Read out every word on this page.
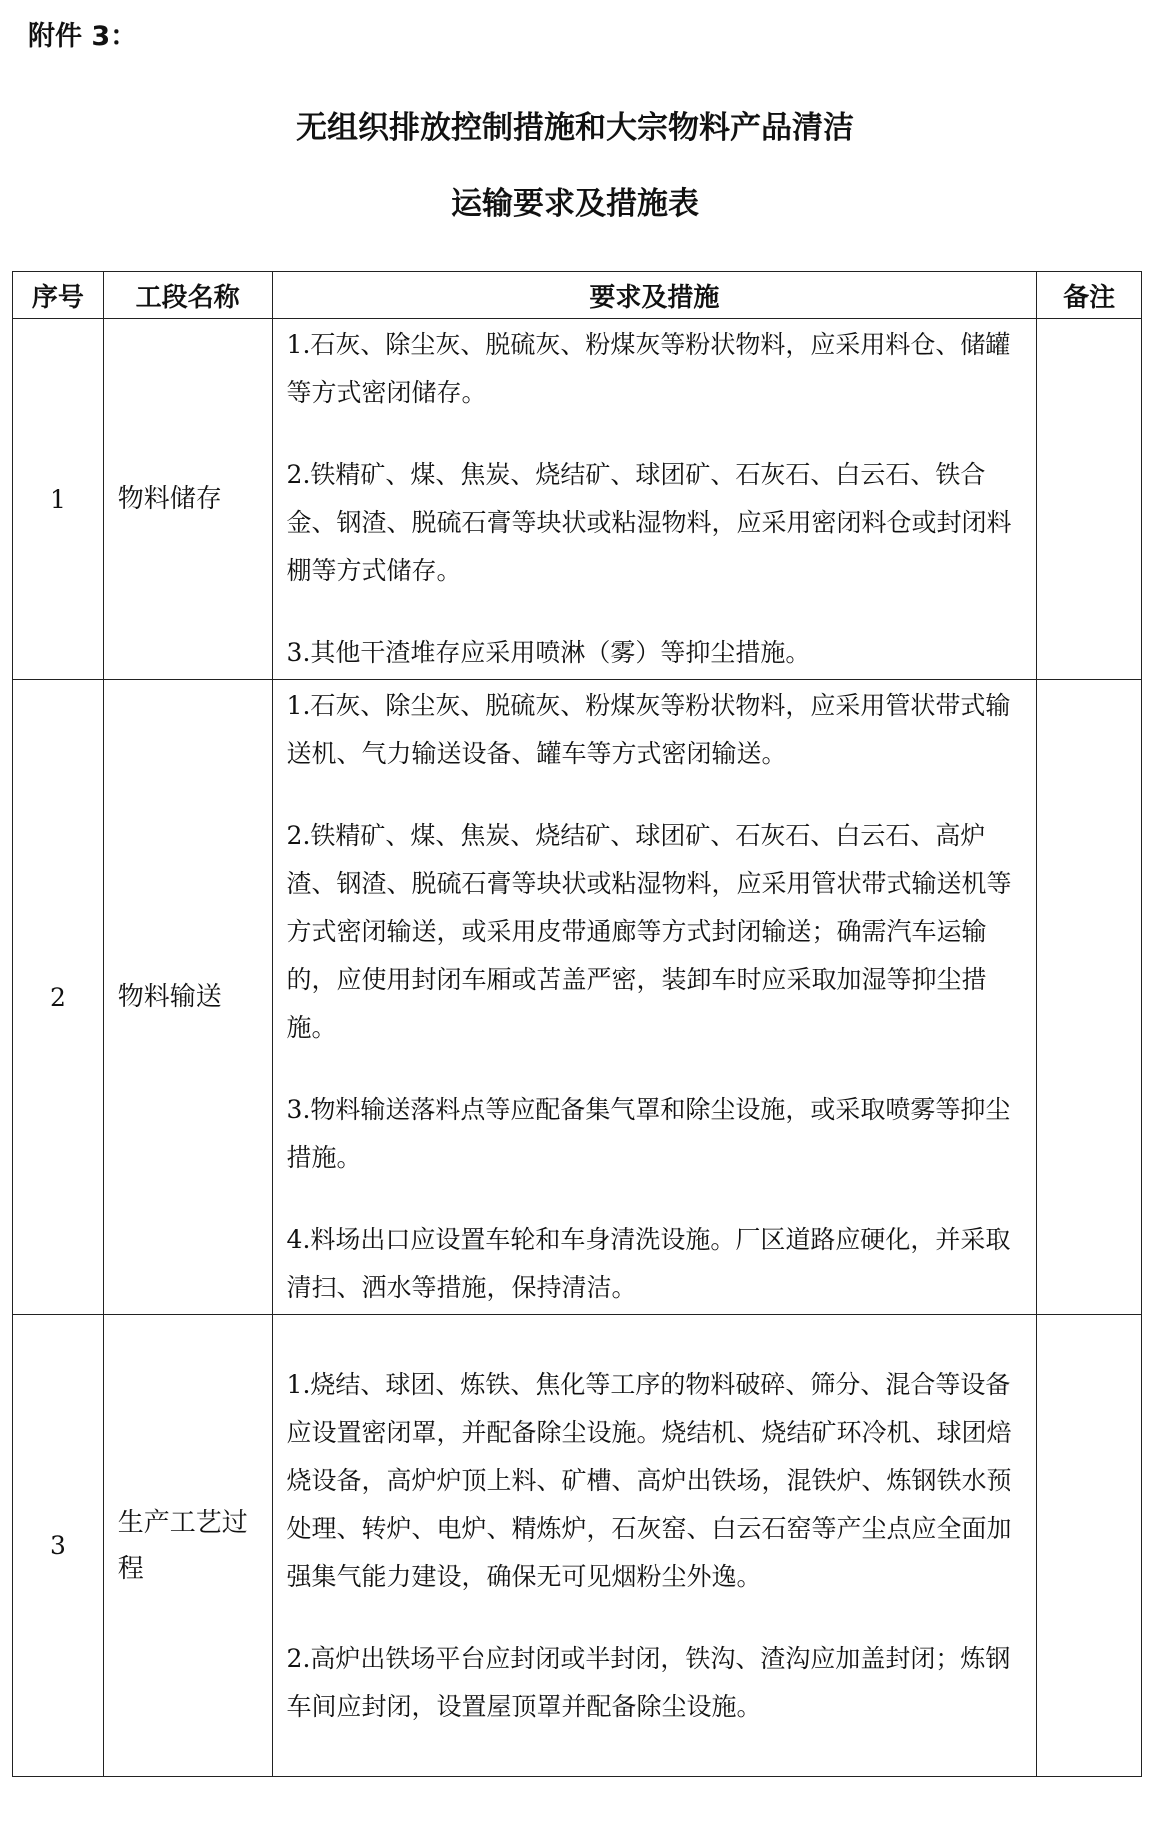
附件 3：
无组织排放控制措施和大宗物料产品清洁
运输要求及措施表
序号	工段名称	要求及措施	备注
1	物料储存	1.石灰、除尘灰、脱硫灰、粉煤灰等粉状物料，应采用料仓、储罐等方式密闭储存。
2.铁精矿、煤、焦炭、烧结矿、球团矿、石灰石、白云石、铁合金、钢渣、脱硫石膏等块状或粘湿物料，应采用密闭料仓或封闭料棚等方式储存。
3.其他干渣堆存应采用喷淋（雾）等抑尘措施。	

2	物料输送	1.石灰、除尘灰、脱硫灰、粉煤灰等粉状物料，应采用管状带式输送机、气力输送设备、罐车等方式密闭输送。
2.铁精矿、煤、焦炭、烧结矿、球团矿、石灰石、白云石、高炉渣、钢渣、脱硫石膏等块状或粘湿物料，应采用管状带式输送机等方式密闭输送，或采用皮带通廊等方式封闭输送；确需汽车运输的，应使用封闭车厢或苫盖严密，装卸车时应采取加湿等抑尘措施。
3.物料输送落料点等应配备集气罩和除尘设施，或采取喷雾等抑尘措施。
4.料场出口应设置车轮和车身清洗设施。厂区道路应硬化，并采取清扫、洒水等措施，保持清洁。	

3	生产工艺过程	1.烧结、球团、炼铁、焦化等工序的物料破碎、筛分、混合等设备应设置密闭罩，并配备除尘设施。烧结机、烧结矿环冷机、球团焙烧设备，高炉炉顶上料、矿槽、高炉出铁场，混铁炉、炼钢铁水预处理、转炉、电炉、精炼炉，石灰窑、白云石窑等产尘点应全面加强集气能力建设，确保无可见烟粉尘外逸。
2.高炉出铁场平台应封闭或半封闭，铁沟、渣沟应加盖封闭；炼钢车间应封闭，设置屋顶罩并配备除尘设施。	
